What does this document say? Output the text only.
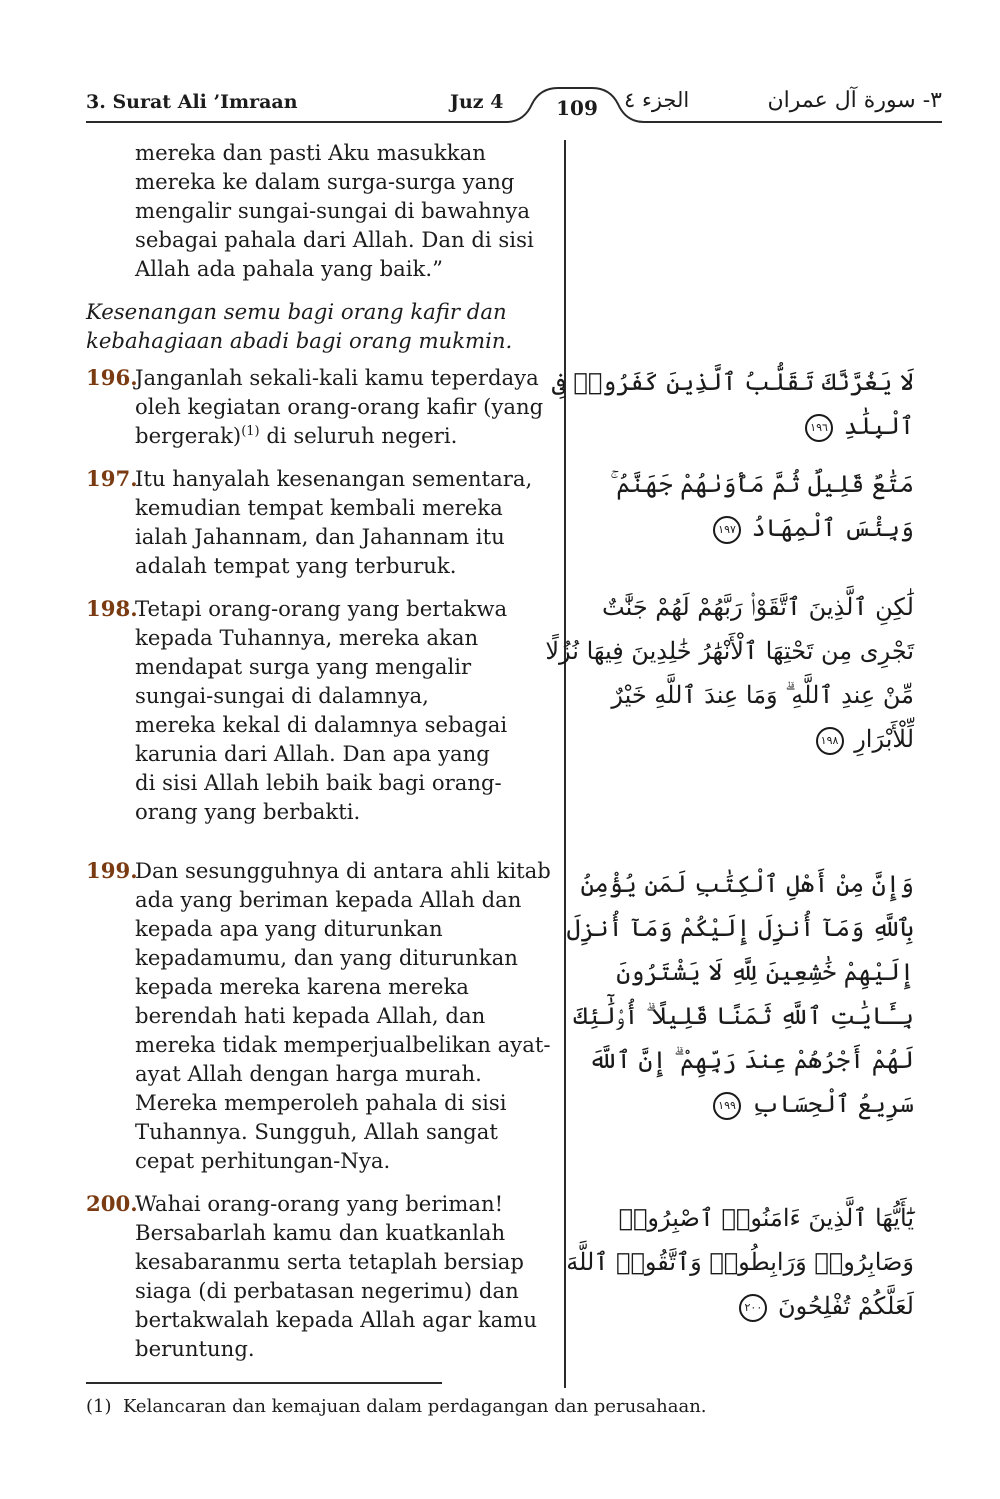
3. Surat Ali ’Imraan	Juz 4	109	الجزء ٤	٣- سورة آل عمران

mereka dan pasti Aku masukkan mereka ke dalam surga-surga yang mengalir sungai-sungai di bawahnya sebagai pahala dari Allah. Dan di sisi Allah ada pahala yang baik.”

Kesenangan semu bagi orang kafir dan kebahagiaan abadi bagi orang mukmin.

196.
Janganlah sekali-kali kamu teperdaya oleh kegiatan orang-orang kafir (yang bergerak)$^{(1)}$ di seluruh negeri.
197.
Itu hanyalah kesenangan sementara, kemudian tempat kembali mereka ialah Jahannam, dan Jahannam itu adalah tempat yang terburuk.
198.
Tetapi orang-orang yang bertakwa kepada Tuhannya, mereka akan mendapat surga yang mengalir sungai-sungai di dalamnya, mereka kekal di dalamnya sebagai karunia dari Allah. Dan apa yang di sisi Allah lebih baik bagi orang-orang yang berbakti.
199.
Dan sesungguhnya di antara ahli kitab ada yang beriman kepada Allah dan kepada apa yang diturunkan kepadamumu, dan yang diturunkan kepada mereka karena mereka berendah hati kepada Allah, dan mereka tidak memperjualbelikan ayat-ayat Allah dengan harga murah. Mereka memperoleh pahala di sisi Tuhannya. Sungguh, Allah sangat cepat perhitungan-Nya.
200.
Wahai orang-orang yang beriman! Bersabarlah kamu dan kuatkanlah kesabaranmu serta tetaplah bersiap siaga (di perbatasan negerimu) dan bertakwalah kepada Allah agar kamu beruntung.
لَا يَغُرَّنَّكَ تَقَلُّبُ ٱلَّذِينَ كَفَرُوا۟ فِى ٱلْبِلَٰدِ ١٩٦
مَتَٰعٌ قَلِيلٌ ثُمَّ مَأْوَىٰهُمْ جَهَنَّمُ ۚ وَبِئْسَ ٱلْمِهَادُ ١٩٧
لَٰكِنِ ٱلَّذِينَ ٱتَّقَوْا۟ رَبَّهُمْ لَهُمْ جَنَّٰتٌ تَجْرِى مِن تَحْتِهَا ٱلْأَنْهَٰرُ خَٰلِدِينَ فِيهَا نُزُلًا مِّنْ عِندِ ٱللَّهِ ۗ وَمَا عِندَ ٱللَّهِ خَيْرٌ لِّلْأَبْرَارِ ١٩٨
وَإِنَّ مِنْ أَهْلِ ٱلْكِتَٰبِ لَمَن يُؤْمِنُ بِٱللَّهِ وَمَآ أُنزِلَ إِلَيْكُمْ وَمَآ أُنزِلَ إِلَيْهِمْ خَٰشِعِينَ لِلَّهِ لَا يَشْتَرُونَ بِـَٔايَٰتِ ٱللَّهِ ثَمَنًا قَلِيلًا ۗ أُو۟لَٰٓئِكَ لَهُمْ أَجْرُهُمْ عِندَ رَبِّهِمْ ۗ إِنَّ ٱللَّهَ سَرِيعُ ٱلْحِسَابِ ١٩٩
يَٰٓأَيُّهَا ٱلَّذِينَ ءَامَنُوا۟ ٱصْبِرُوا۟ وَصَابِرُوا۟ وَرَابِطُوا۟ وَٱتَّقُوا۟ ٱللَّهَ لَعَلَّكُمْ تُفْلِحُونَ ٢٠٠
(1) Kelancaran dan kemajuan dalam perdagangan dan perusahaan.
